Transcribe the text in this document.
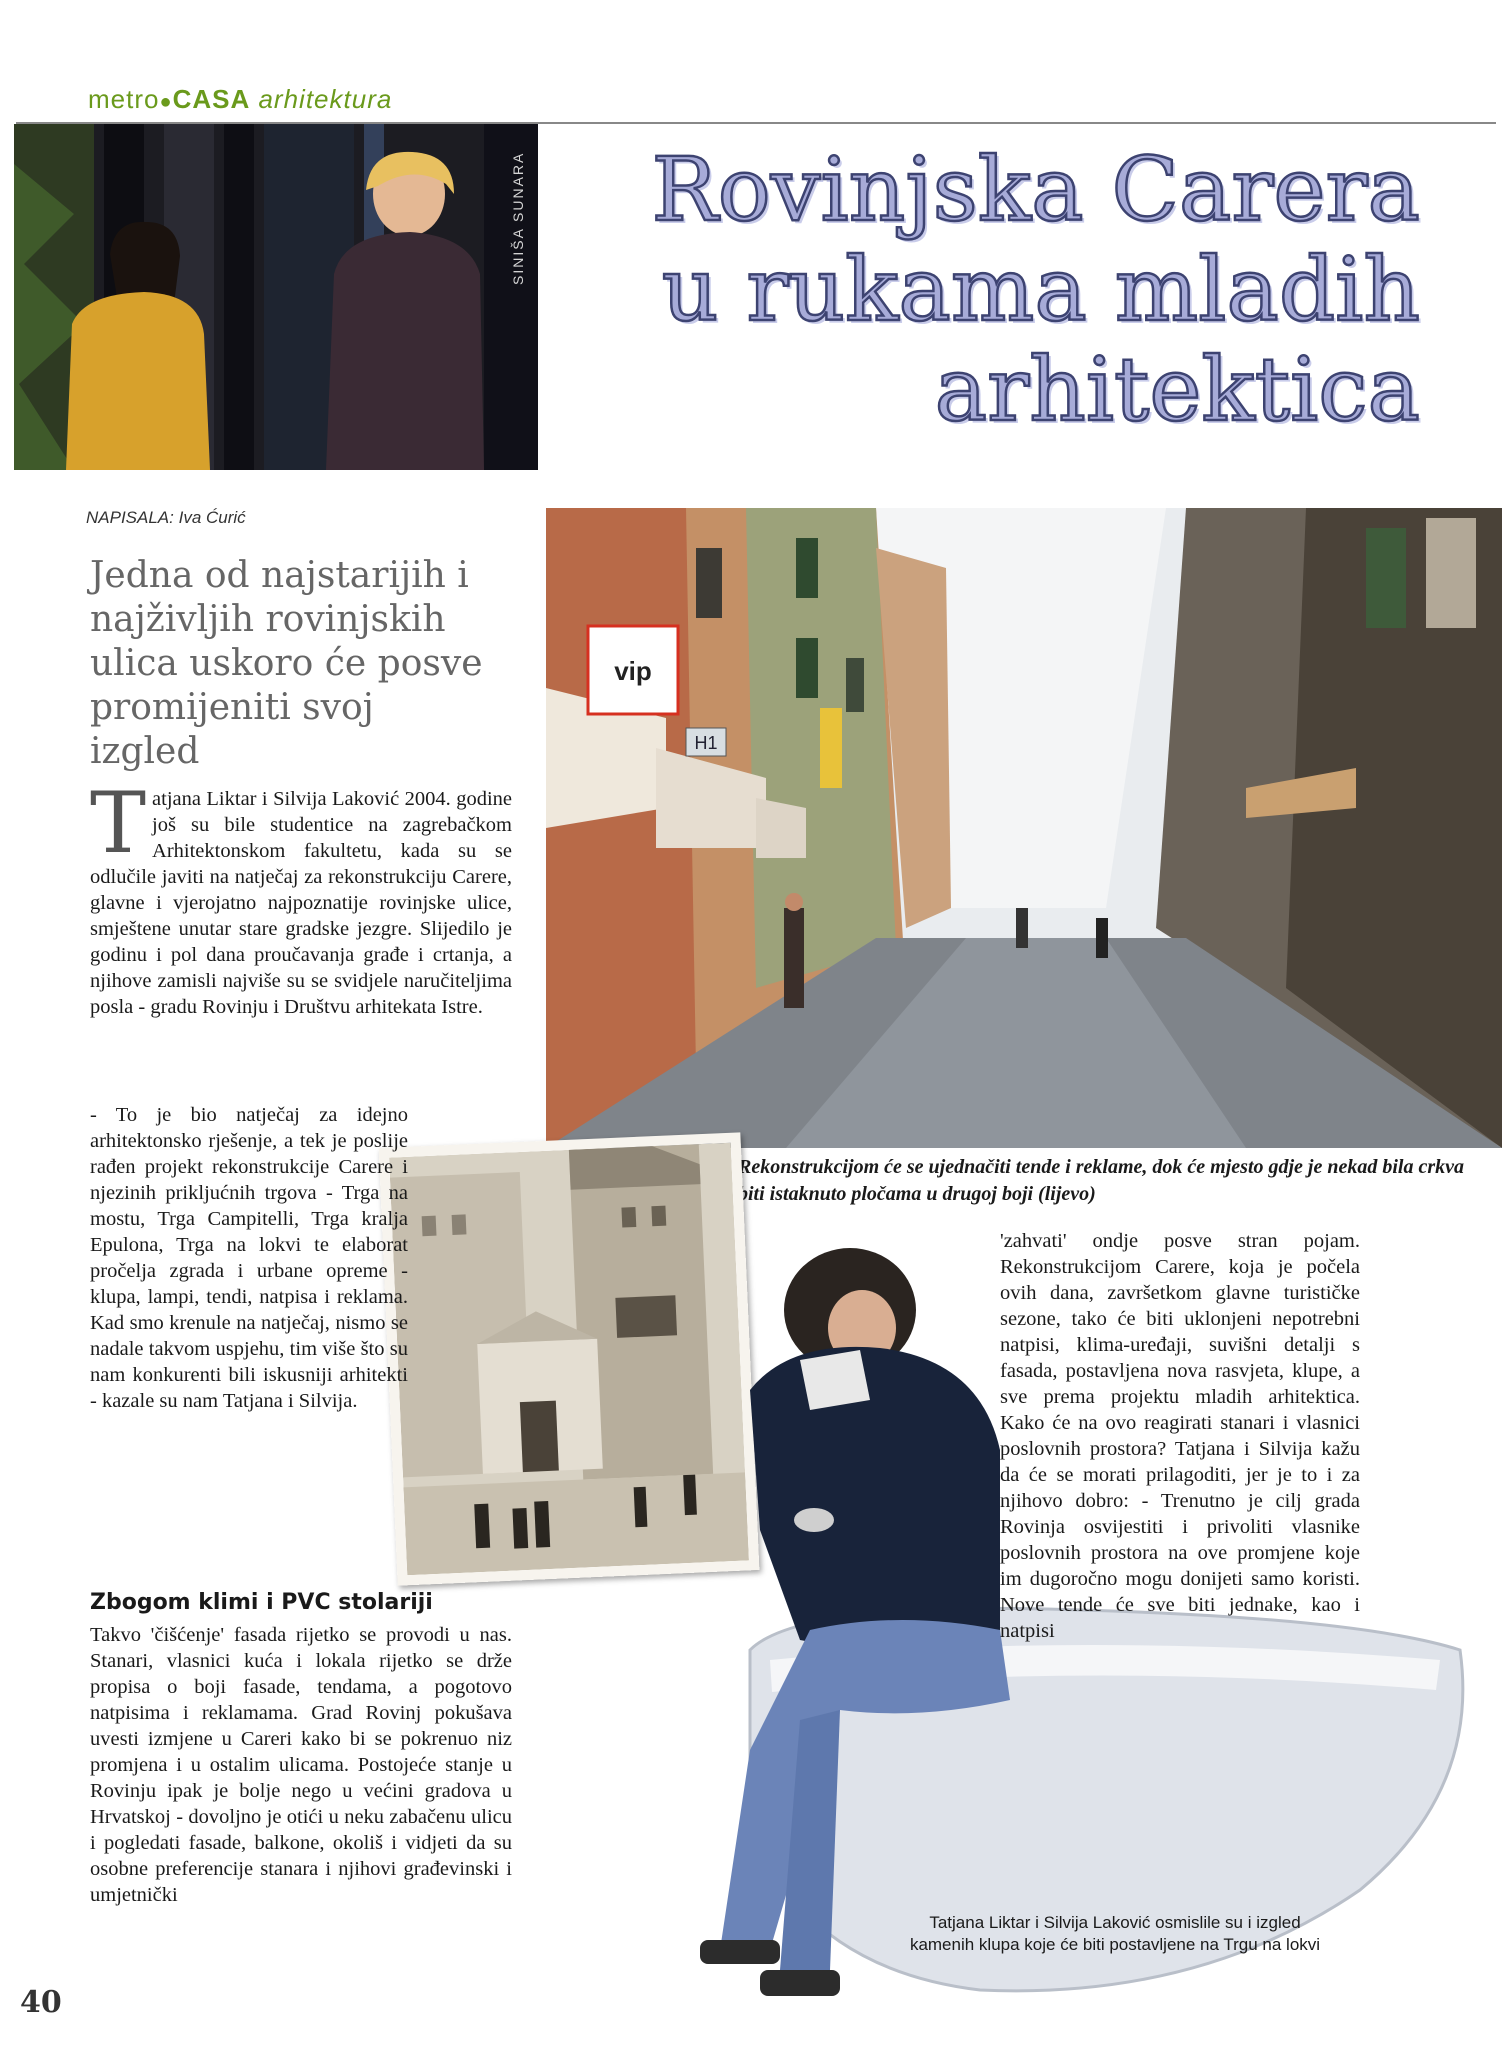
metro●CASA arhitektura
SINIŠA SUNARA	Rovinjska Carera
u rukama mladih
arhitektica
NAPISALA: Iva Ćurić
Jedna od najstarijih i najživljih rovinjskih ulica uskoro će posve promijeniti svoj izgled
vip
H1
Rekonstrukcijom će se ujednačiti tende i reklame, dok će mjesto gdje je nekad bila crkva biti istaknuto pločama u drugoj boji (lijevo)
Tatjana Liktar i Silvija Laković 2004. godine još su bile studentice na zagrebačkom Arhitektonskom fakultetu, kada su se odlučile javiti na natječaj za rekonstrukciju Carere, glavne i vjerojatno najpoznatije rovinjske ulice, smještene unutar stare gradske jezgre. Slijedilo je godinu i pol dana proučavanja građe i crtanja, a njihove zamisli najviše su se svidjele naručiteljima posla - gradu Rovinju i Društvu arhitekata Istre.
- To je bio natječaj za idejno arhitektonsko rješenje, a tek je poslije rađen projekt rekonstrukcije Carere i njezinih prikljućnih trgova - Trga na mostu, Trga Campitelli, Trga kralja Epulona, Trga na lokvi te elaborat pročelja zgrada i urbane opreme - klupa, lampi, tendi, natpisa i reklama. Kad smo krenule na natječaj, nismo se nadale takvom uspjehu, tim više što su nam konkurenti bili iskusniji arhitekti - kazale su nam Tatjana i Silvija.
Zbogom klimi i PVC stolariji
Takvo 'čišćenje' fasada rijetko se provodi u nas. Stanari, vlasnici kuća i lokala rijetko se drže propisa o boji fasade, tendama, a pogotovo natpisima i reklamama. Grad Rovinj pokušava uvesti izmjene u Careri kako bi se pokrenuo niz promjena i u ostalim ulicama. Postojeće stanje u Rovinju ipak je bolje nego u većini gradova u Hrvatskoj - dovoljno je otići u neku zabačenu ulicu i pogledati fasade, balkone, okoliš i vidjeti da su osobne preferencije stanara i njihovi građevinski i umjetnički
'zahvati' ondje posve stran pojam. Rekonstrukcijom Carere, koja je počela ovih dana, završetkom glavne turističke sezone, tako će biti uklonjeni nepotrebni natpisi, klima-uređaji, suvišni detalji s fasada, postavljena nova rasvjeta, klupe, a sve prema projektu mladih arhitektica. Kako će na ovo reagirati stanari i vlasnici poslovnih prostora? Tatjana i Silvija kažu da će se morati prilagoditi, jer je to i za njihovo dobro: - Trenutno je cilj grada Rovinja osvijestiti i privoliti vlasnike poslovnih prostora na ove promjene koje im dugoročno mogu donijeti samo koristi. Nove tende će sve biti jednake, kao i natpisi
Tatjana Liktar i Silvija Laković osmislile su i izgled kamenih klupa koje će biti postavljene na Trgu na lokvi
40
